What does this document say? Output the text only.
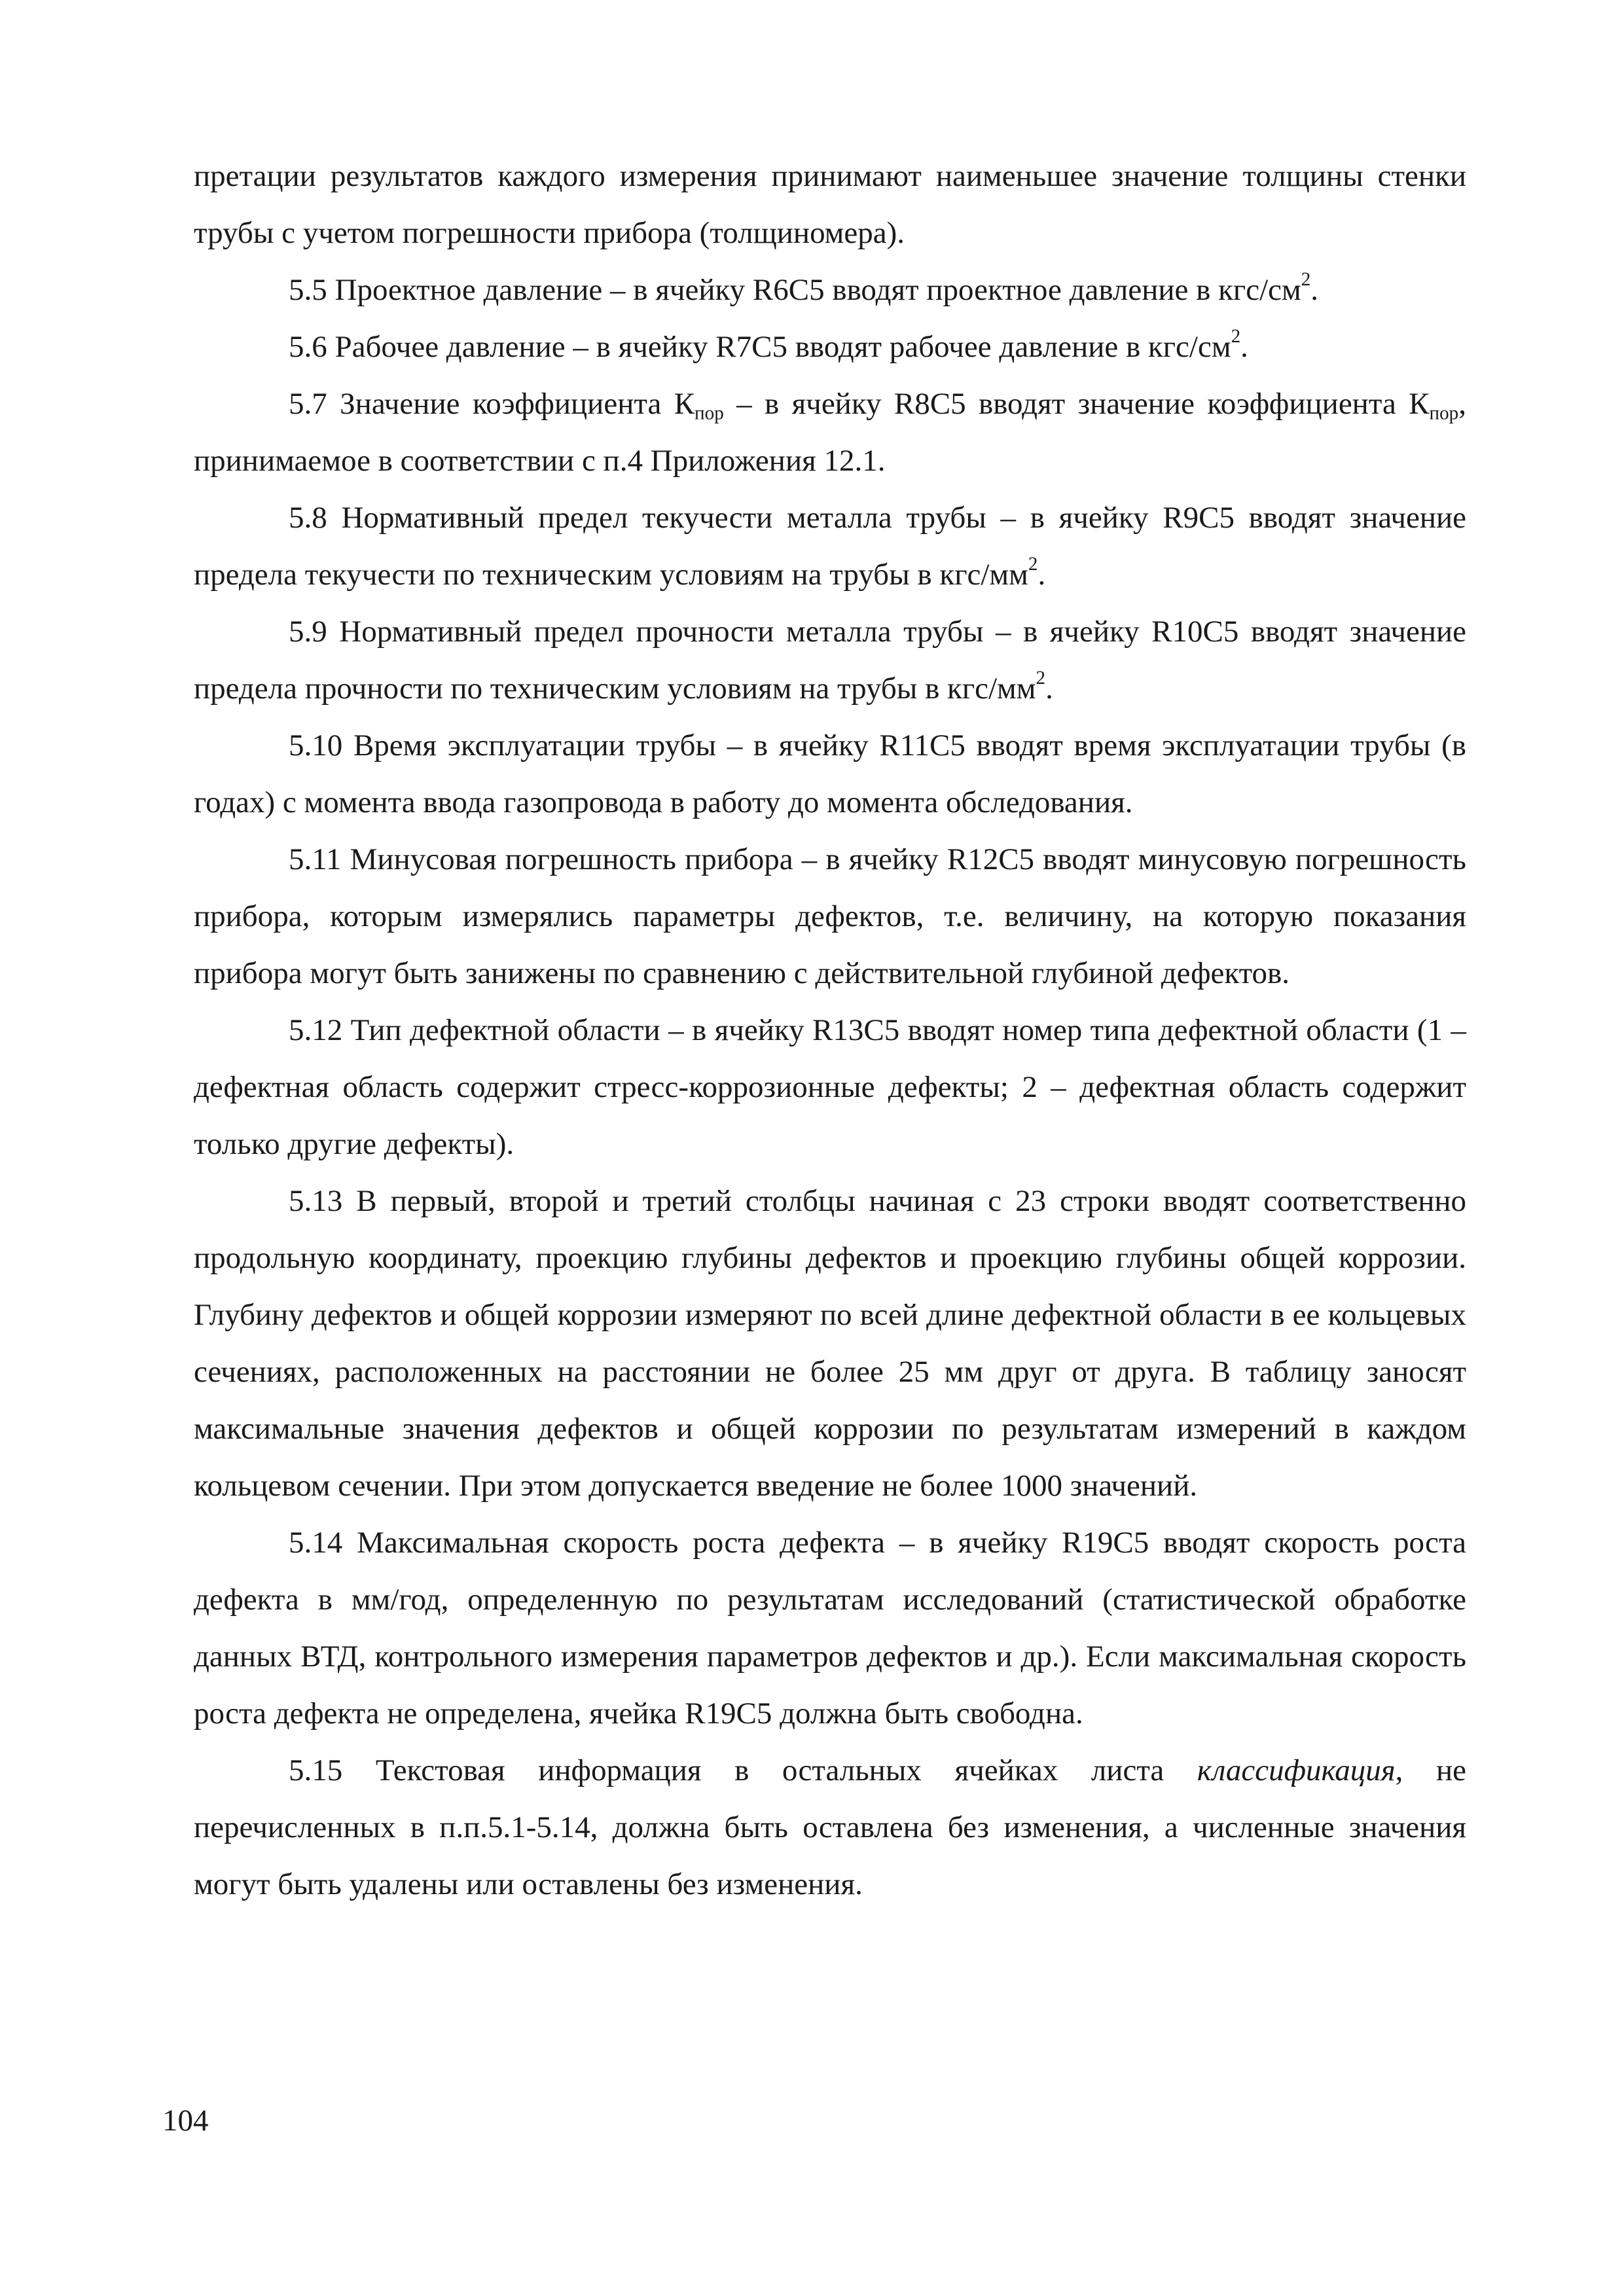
претации результатов каждого измерения принимают наименьшее значение толщины стенки трубы с учетом погрешности прибора (толщиномера).

5.5 Проектное давление – в ячейку R6C5 вводят проектное давление в кгс/$см^2$.

5.6 Рабочее давление – в ячейку R7C5 вводят рабочее давление в кгс/$см^2$.

5.7 Значение коэффициента $К_{пор}$ – в ячейку R8C5 вводят значение коэффициента $К_{пор}$, принимаемое в соответствии с п.4 Приложения 12.1.

5.8 Нормативный предел текучести металла трубы – в ячейку R9C5 вводят значение предела текучести по техническим условиям на трубы в кгс/$мм^2$.

5.9 Нормативный предел прочности металла трубы – в ячейку R10C5 вводят значение предела прочности по техническим условиям на трубы в кгс/$мм^2$.

5.10 Время эксплуатации трубы – в ячейку R11C5 вводят время эксплуатации трубы (в годах) с момента ввода газопровода в работу до момента обследования.

5.11 Минусовая погрешность прибора – в ячейку R12C5 вводят минусовую погрешность прибора, которым измерялись параметры дефектов, т.е. величину, на которую показания прибора могут быть занижены по сравнению с действительной глубиной дефектов.

5.12 Тип дефектной области – в ячейку R13C5 вводят номер типа дефектной области (1 – дефектная область содержит стресс-коррозионные дефекты; 2 – дефектная область содержит только другие дефекты).

5.13 В первый, второй и третий столбцы начиная с 23 строки вводят соответственно продольную координату, проекцию глубины дефектов и проекцию глубины общей коррозии. Глубину дефектов и общей коррозии измеряют по всей длине дефектной области в ее кольцевых сечениях, расположенных на расстоянии не более 25 мм друг от друга. В таблицу заносят максимальные значения дефектов и общей коррозии по результатам измерений в каждом кольцевом сечении. При этом допускается введение не более 1000 значений.

5.14 Максимальная скорость роста дефекта – в ячейку R19C5 вводят скорость роста дефекта в мм/год, определенную по результатам исследований (статистической обработке данных ВТД, контрольного измерения параметров дефектов и др.). Если максимальная скорость роста дефекта не определена, ячейка R19C5 должна быть свободна.

5.15 Текстовая информация в остальных ячейках листа классификация, не перечисленных в п.п.5.1-5.14, должна быть оставлена без изменения, а численные значения могут быть удалены или оставлены без изменения.

104
